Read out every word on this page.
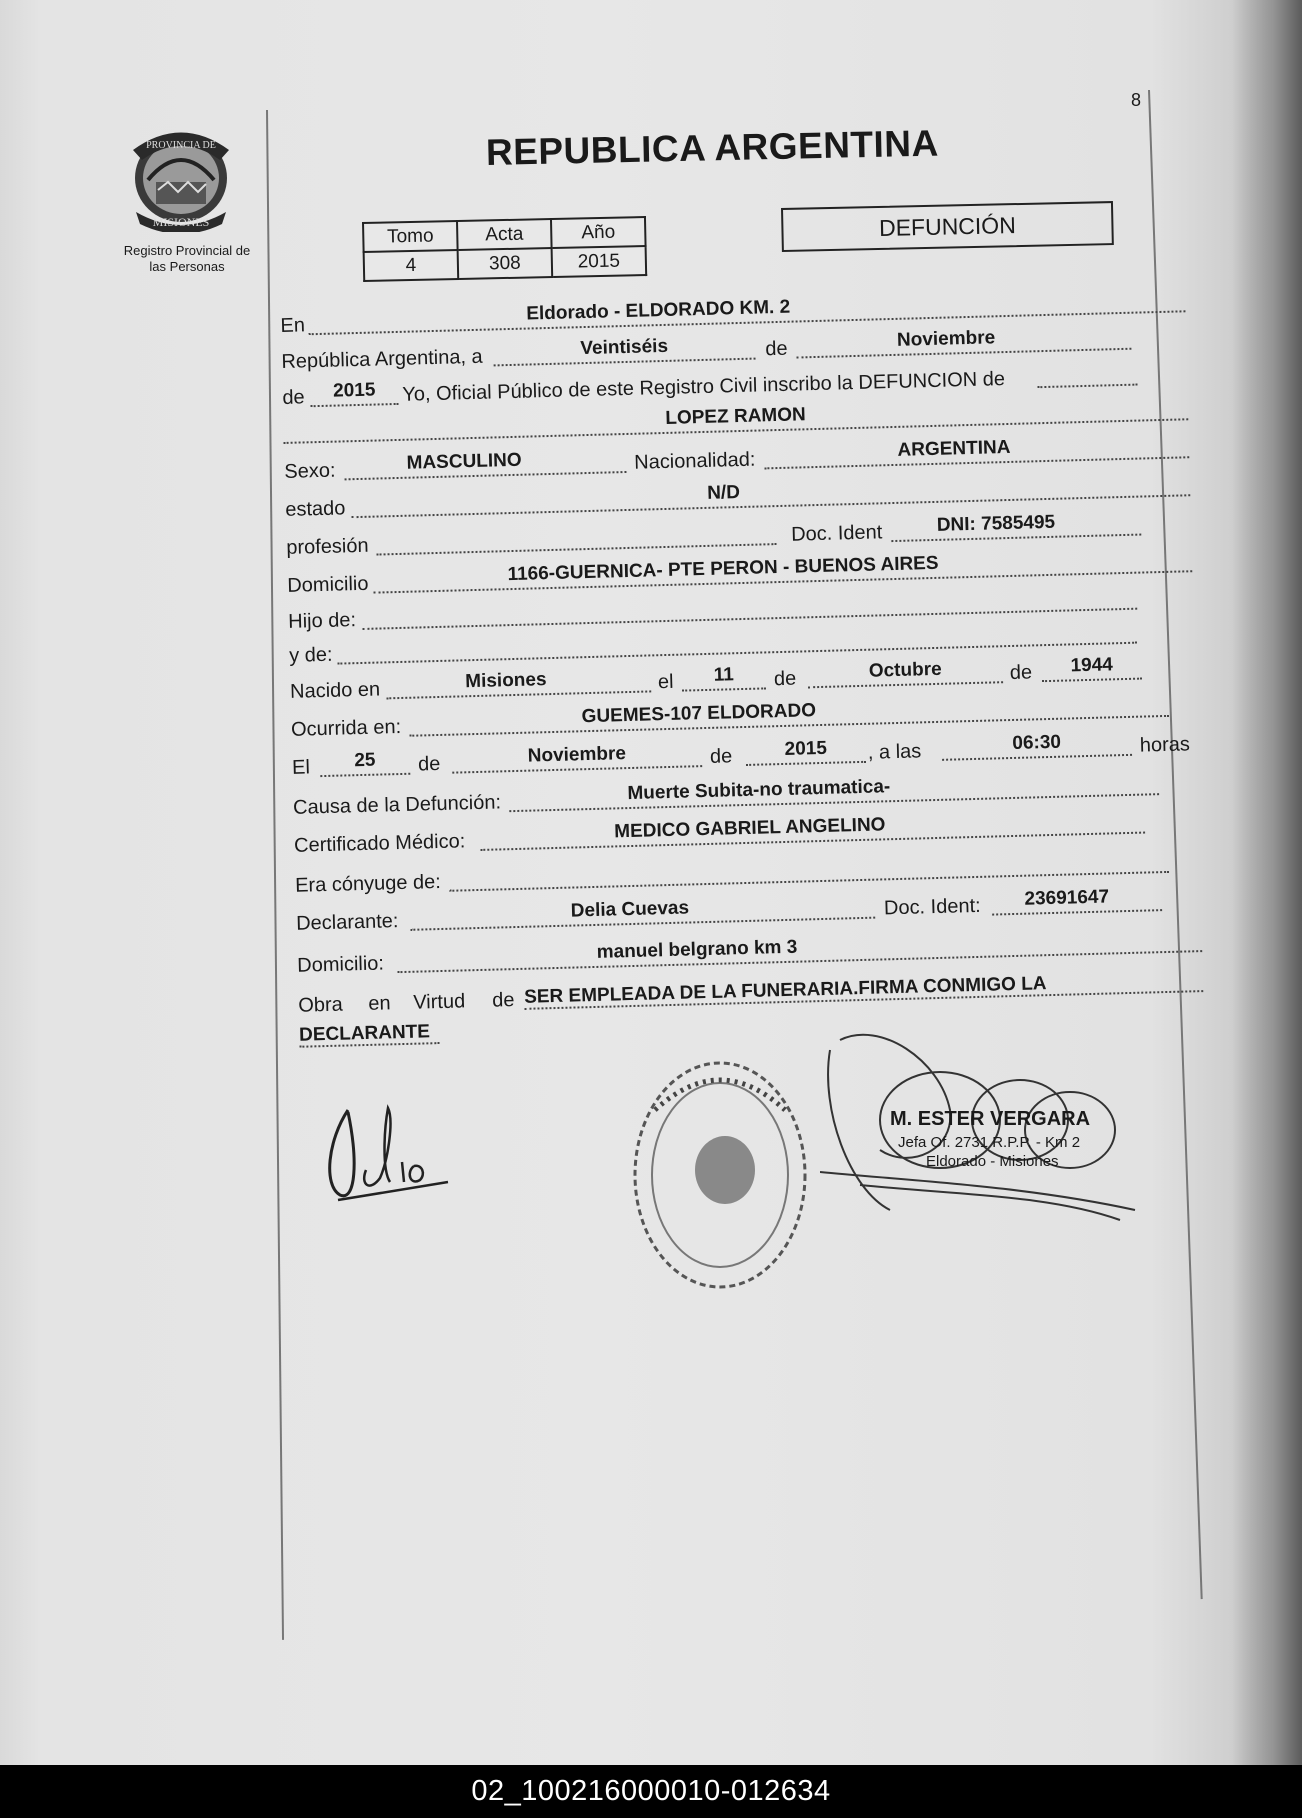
8
PROVINCIA DE
MISIONES
Registro Provincial de
las Personas
REPUBLICA ARGENTINA
Tomo	Acta	Año
4	308	2015
DEFUNCIÓN
En
Eldorado - ELDORADO KM. 2
República Argentina, a	Veintiséis	de	Noviembre
de	2015	Yo, Oficial Público de este Registro Civil inscribo la DEFUNCION de
LOPEZ RAMON
Sexo:	MASCULINO	Nacionalidad:	ARGENTINA
estado
N/D
profesión
Doc. Ident	DNI: 7585495
Domicilio	1166-GUERNICA- PTE PERON - BUENOS AIRES
Hijo de:
y de:
Nacido en	Misiones	el	11	de	Octubre	de	1944
Ocurrida en:
GUEMES-107 ELDORADO
El	25	de	Noviembre	de	2015	, a las	06:30	horas
Causa de la Defunción:
Muerte Subita-no traumatica-
Certificado Médico:
MEDICO GABRIEL ANGELINO
Era cónyuge de:
Declarante:
Delia Cuevas	Doc. Ident:	23691647
Domicilio:
manuel belgrano km 3
Obra en Virtud de SER EMPLEADA DE LA FUNERARIA.FIRMA CONMIGO LA
DECLARANTE
M. ESTER VERGARA
Jefa Of. 2731 R.P.P. - Km 2
Eldorado - Misiones
02_100216000010-012634
